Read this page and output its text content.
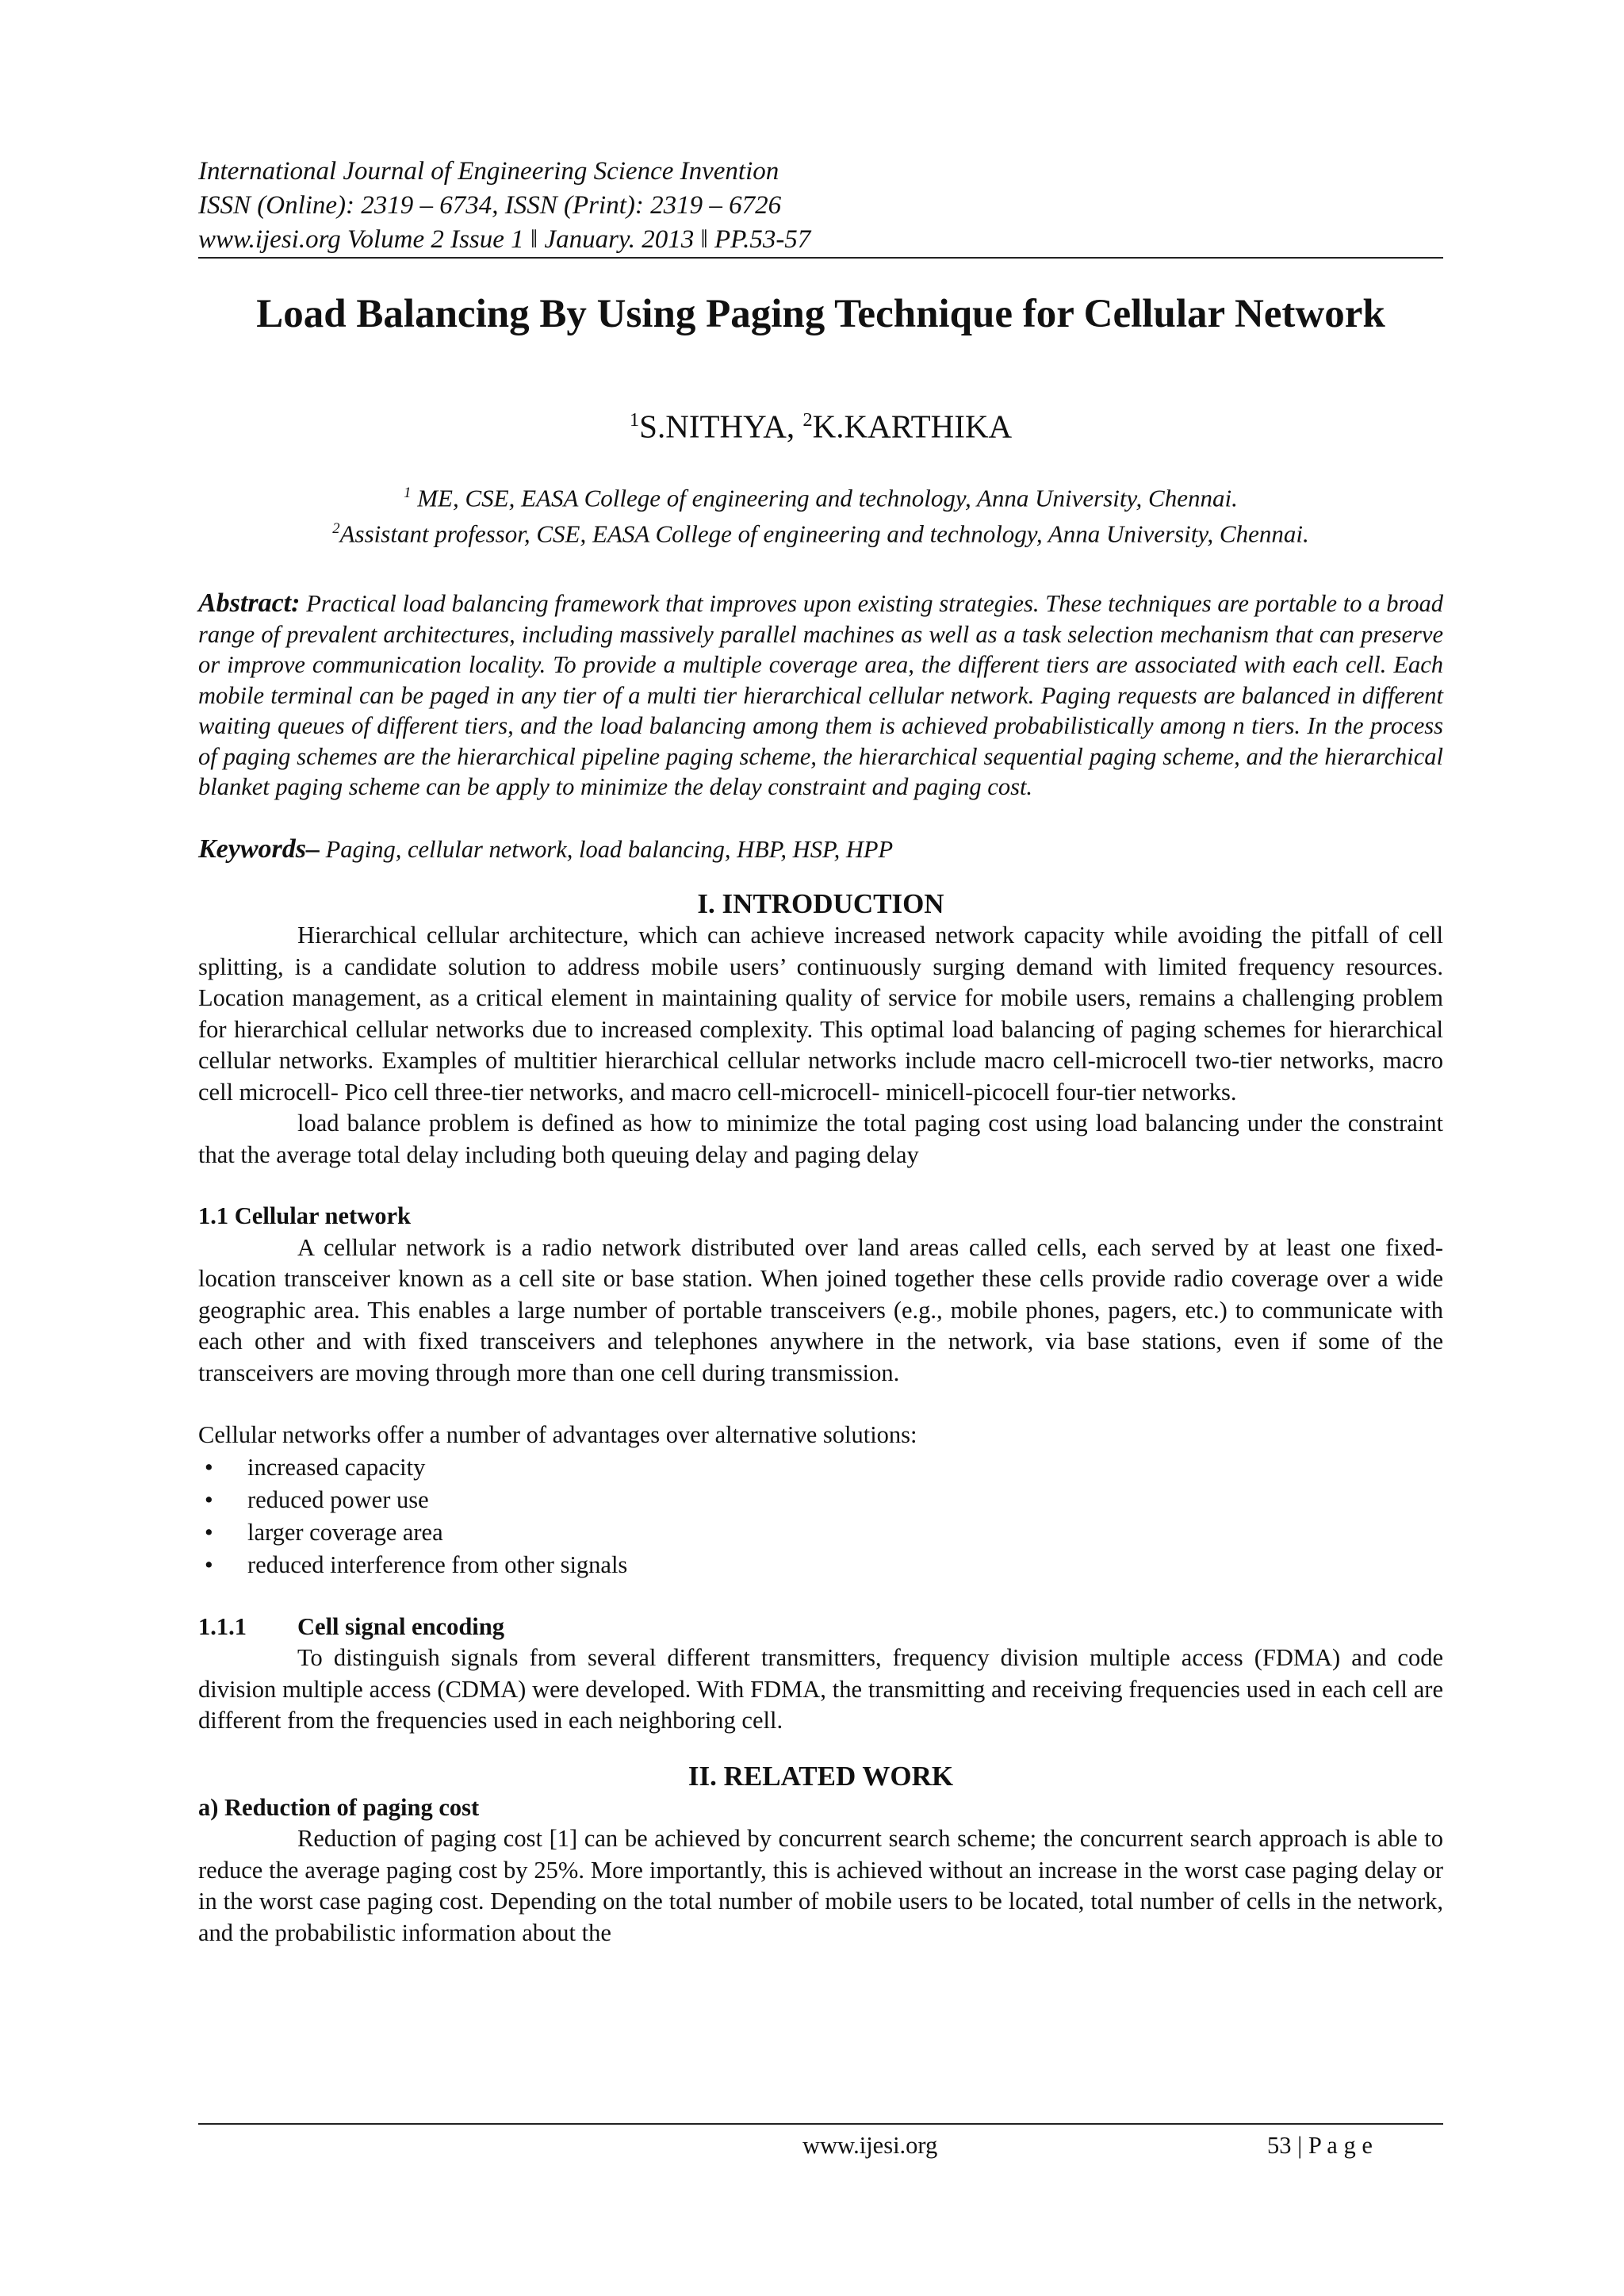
International Journal of Engineering Science Invention
ISSN (Online): 2319 – 6734, ISSN (Print): 2319 – 6726
www.ijesi.org Volume 2 Issue 1 ǁ January. 2013 ǁ PP.53-57
Load Balancing By Using Paging Technique for Cellular Network
$^1$S.NITHYA, $^2$K.KARTHIKA
$^1$ ME, CSE, EASA College of engineering and technology, Anna University, Chennai.
$^2$Assistant professor, CSE, EASA College of engineering and technology, Anna University, Chennai.
Abstract: Practical load balancing framework that improves upon existing strategies. These techniques are portable to a broad range of prevalent architectures, including massively parallel machines as well as a task selection mechanism that can preserve or improve communication locality. To provide a multiple coverage area, the different tiers are associated with each cell. Each mobile terminal can be paged in any tier of a multi tier hierarchical cellular network. Paging requests are balanced in different waiting queues of different tiers, and the load balancing among them is achieved probabilistically among n tiers. In the process of paging schemes are the hierarchical pipeline paging scheme, the hierarchical sequential paging scheme, and the hierarchical blanket paging scheme can be apply to minimize the delay constraint and paging cost.
Keywords– Paging, cellular network, load balancing, HBP, HSP, HPP
I. INTRODUCTION
Hierarchical cellular architecture, which can achieve increased network capacity while avoiding the pitfall of cell splitting, is a candidate solution to address mobile users’ continuously surging demand with limited frequency resources. Location management, as a critical element in maintaining quality of service for mobile users, remains a challenging problem for hierarchical cellular networks due to increased complexity. This optimal load balancing of paging schemes for hierarchical cellular networks. Examples of multitier hierarchical cellular networks include macro cell-microcell two-tier networks, macro cell microcell- Pico cell three-tier networks, and macro cell-microcell- minicell-picocell four-tier networks.
load balance problem is defined as how to minimize the total paging cost using load balancing under the constraint that the average total delay including both queuing delay and paging delay
1.1 Cellular network
A cellular network is a radio network distributed over land areas called cells, each served by at least one fixed-location transceiver known as a cell site or base station. When joined together these cells provide radio coverage over a wide geographic area. This enables a large number of portable transceivers (e.g., mobile phones, pagers, etc.) to communicate with each other and with fixed transceivers and telephones anywhere in the network, via base stations, even if some of the transceivers are moving through more than one cell during transmission.
Cellular networks offer a number of advantages over alternative solutions:
• increased capacity
• reduced power use
• larger coverage area
• reduced interference from other signals
1.1.1 Cell signal encoding
To distinguish signals from several different transmitters, frequency division multiple access (FDMA) and code division multiple access (CDMA) were developed. With FDMA, the transmitting and receiving frequencies used in each cell are different from the frequencies used in each neighboring cell.
II. RELATED WORK
a) Reduction of paging cost
Reduction of paging cost [1] can be achieved by concurrent search scheme; the concurrent search approach is able to reduce the average paging cost by 25%. More importantly, this is achieved without an increase in the worst case paging delay or in the worst case paging cost. Depending on the total number of mobile users to be located, total number of cells in the network, and the probabilistic information about the
www.ijesi.org	53 | P a g e
